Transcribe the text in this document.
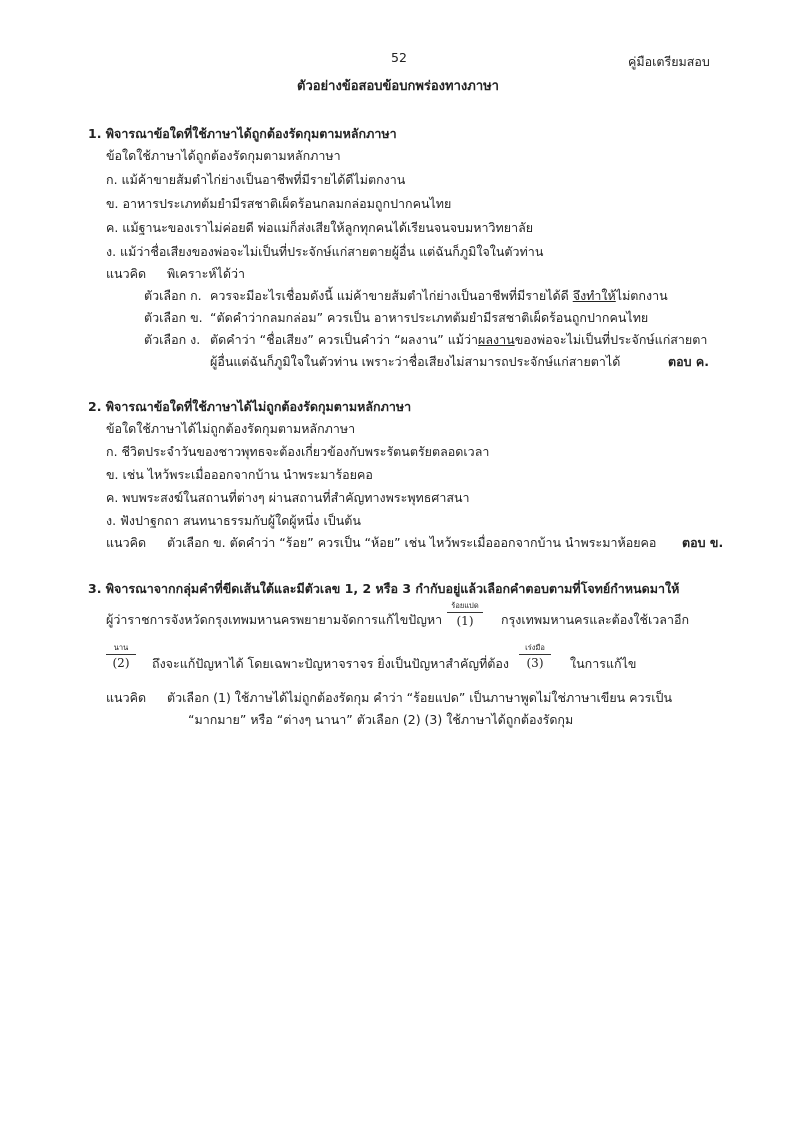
52	คู่มือเตรียมสอบ
ตัวอย่างข้อสอบข้อบกพร่องทางภาษา
1. พิจารณาข้อใดที่ใช้ภาษาได้ถูกต้องรัดกุมตามหลักภาษา
ข้อใดใช้ภาษาได้ถูกต้องรัดกุมตามหลักภาษา
ก. แม้ค้าขายส้มตำไก่ย่างเป็นอาชีพที่มีรายได้ดีไม่ตกงาน
ข. อาหารประเภทต้มยำมีรสชาติเผ็ดร้อนกลมกล่อมถูกปากคนไทย
ค. แม้ฐานะของเราไม่ค่อยดี พ่อแม่ก็ส่งเสียให้ลูกทุกคนได้เรียนจนจบมหาวิทยาลัย
ง. แม้ว่าชื่อเสียงของพ่อจะไม่เป็นที่ประจักษ์แก่สายตายผู้อื่น แต่ฉันก็ภูมิใจในตัวท่าน
แนวคิด พิเคราะห์ได้ว่า
ตัวเลือก ก. ควรจะมีอะไรเชื่อมดังนี้ แม่ค้าขายส้มตำไก่ย่างเป็นอาชีพที่มีรายได้ดี จึงทำให้ไม่ตกงาน
ตัวเลือก ข. “ตัดคำว่ากลมกล่อม” ควรเป็น อาหารประเภทต้มยำมีรสชาติเผ็ดร้อนถูกปากคนไทย
ตัวเลือก ง. ตัดคำว่า “ชื่อเสียง” ควรเป็นคำว่า “ผลงาน” แม้ว่าผลงานของพ่อจะไม่เป็นที่ประจักษ์แก่สายตา
ผู้อื่นแต่ฉันก็ภูมิใจในตัวท่าน เพราะว่าชื่อเสียงไม่สามารถประจักษ์แก่สายตาได้	ตอบ ค.
2. พิจารณาข้อใดที่ใช้ภาษาได้ไม่ถูกต้องรัดกุมตามหลักภาษา
ข้อใดใช้ภาษาได้ไม่ถูกต้องรัดกุมตามหลักภาษา
ก. ชีวิตประจำวันของชาวพุทธจะต้องเกี่ยวข้องกับพระรัตนตรัยตลอดเวลา
ข. เช่น ไหว้พระเมื่อออกจากบ้าน นำพระมาร้อยคอ
ค. พบพระสงฆ์ในสถานที่ต่างๆ ผ่านสถานที่สำคัญทางพระพุทธศาสนา
ง. ฟังปาฐกถา สนทนาธรรมกับผู้ใดผู้หนึ่ง เป็นต้น
แนวคิด ตัวเลือก ข. ตัดคำว่า “ร้อย” ควรเป็น “ห้อย” เช่น ไหว้พระเมื่อออกจากบ้าน นำพระมาห้อยคอ ตอบ ข.
3. พิจารณาจากกลุ่มคำที่ขีดเส้นใต้และมีตัวเลข 1, 2 หรือ 3 กำกับอยู่แล้วเลือกคำตอบตามที่โจทย์กำหนดมาให้
ผู้ว่าราชการจังหวัดกรุงเทพมหานครพยายามจัดการแก้ไขปัญหา
ร้อยแปด
(1)	กรุงเทพมหานครและต้องใช้เวลาอีก
นาน
(2)	ถึงจะแก้ปัญหาได้ โดยเฉพาะปัญหาจราจร ยิ่งเป็นปัญหาสำคัญที่ต้อง
เร่งมือ
(3)	ในการแก้ไข
แนวคิด ตัวเลือก (1) ใช้ภาษได้ไม่ถูกต้องรัดกุม คำว่า “ร้อยแปด” เป็นภาษาพูดไม่ใช่ภาษาเขียน ควรเป็น
“มากมาย” หรือ “ต่างๆ นานา” ตัวเลือก (2) (3) ใช้ภาษาได้ถูกต้องรัดกุม
